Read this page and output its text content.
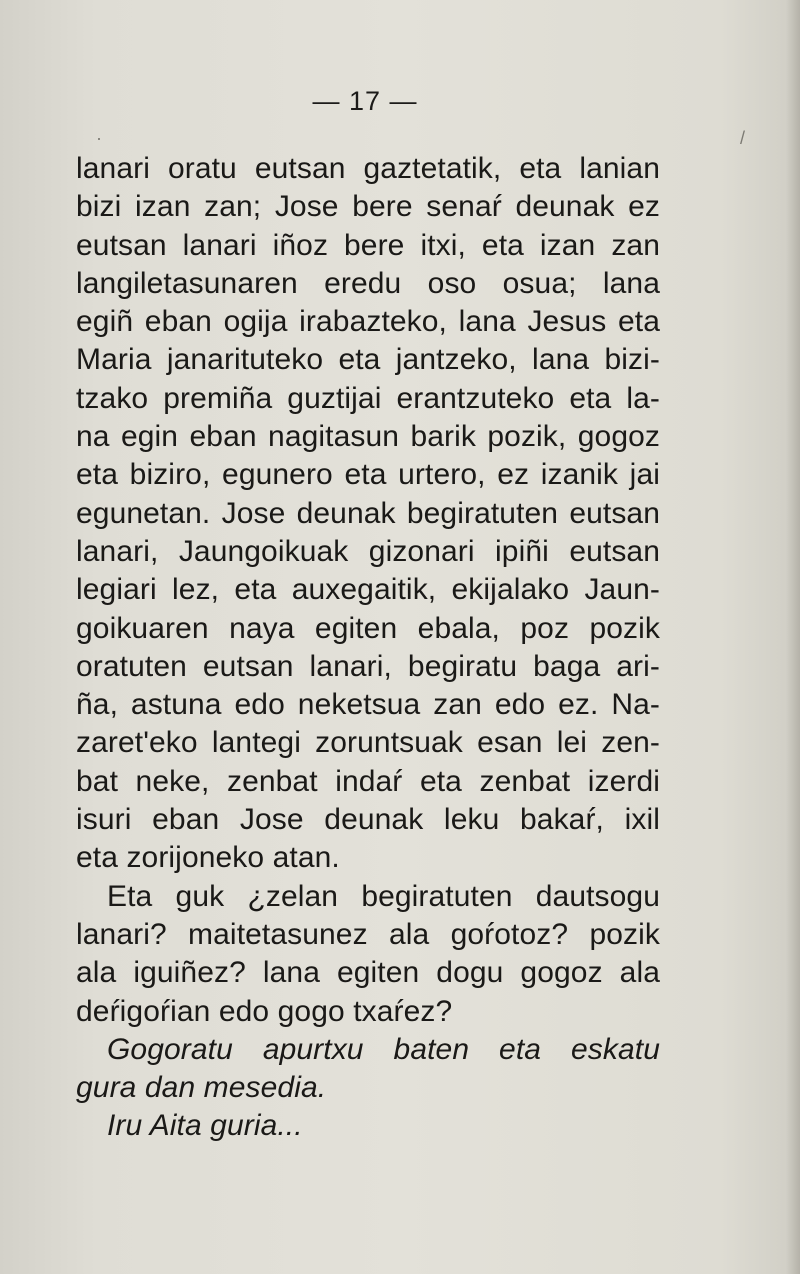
·	/
— 17 —
lanari oratu eutsan gaztetatik, eta lanian
bizi izan zan; Jose bere senaŕ deunak ez
eutsan lanari iñoz bere itxi, eta izan zan
langiletasunaren eredu oso osua; lana
egiñ eban ogija irabazteko, lana Jesus eta
Maria janarituteko eta jantzeko, lana bizi-
tzako premiña guztijai erantzuteko eta la-
na egin eban nagitasun barik pozik, gogoz
eta biziro, egunero eta urtero, ez izanik jai
egunetan. Jose deunak begiratuten eutsan
lanari, Jaungoikuak gizonari ipiñi eutsan
legiari lez, eta auxegaitik, ekijalako Jaun-
goikuaren naya egiten ebala, poz pozik
oratuten eutsan lanari, begiratu baga ari-
ña, astuna edo neketsua zan edo ez. Na-
zaret'eko lantegi zoruntsuak esan lei zen-
bat neke, zenbat indaŕ eta zenbat izerdi
isuri eban Jose deunak leku bakaŕ, ixil
eta zorijoneko atan.
Eta guk ¿zelan begiratuten dautsogu
lanari? maitetasunez ala goŕotoz? pozik
ala iguiñez? lana egiten dogu gogoz ala
deŕigoŕian edo gogo txaŕez?
Gogoratu apurtxu baten eta eskatu
gura dan mesedia.
Iru Aita guria...
